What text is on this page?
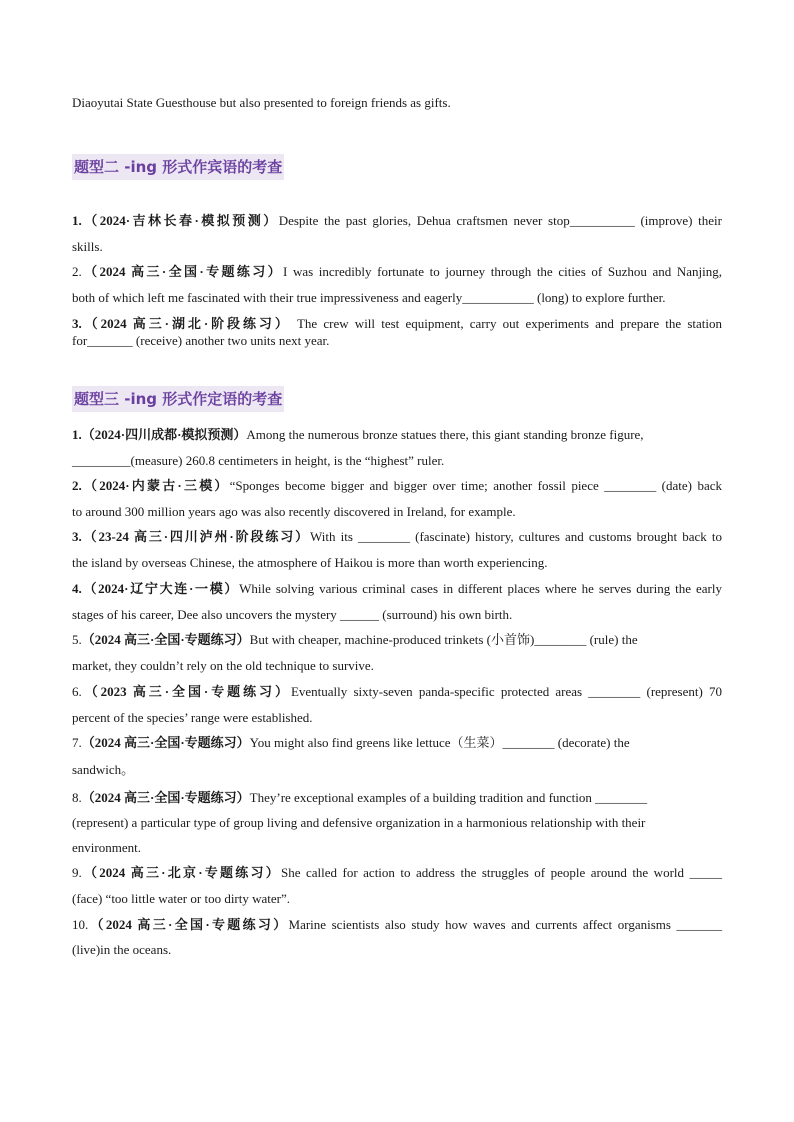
Diaoyutai State Guesthouse but also presented to foreign friends as gifts.
题型二 -ing 形式作宾语的考查
1.（2024·吉林长春·模拟预测）Despite the past glories, Dehua craftsmen never stop__________ (improve) their
skills.
2.（2024 高三·全国·专题练习）I was incredibly fortunate to journey through the cities of Suzhou and Nanjing,
both of which left me fascinated with their true impressiveness and eagerly___________ (long) to explore further.
3.（2024 高三·湖北·阶段练习） The crew will test equipment, carry out experiments and prepare the station
for_______ (receive) another two units next year.
题型三 -ing 形式作定语的考查
1.（2024·四川成都·模拟预测）Among the numerous bronze statues there, this giant standing bronze figure,
_________(measure) 260.8 centimeters in height, is the “highest” ruler.
2.（2024·内蒙古·三模）“Sponges become bigger and bigger over time; another fossil piece ________ (date) back
to around 300 million years ago was also recently discovered in Ireland, for example.
3.（23-24 高三·四川泸州·阶段练习）With its ________ (fascinate) history, cultures and customs brought back to
the island by overseas Chinese, the atmosphere of Haikou is more than worth experiencing.
4.（2024·辽宁大连·一模）While solving various criminal cases in different places where he serves during the early
stages of his career, Dee also uncovers the mystery ______ (surround) his own birth.
5.（2024 高三·全国·专题练习）But with cheaper, machine-produced trinkets (小首饰)________ (rule) the
market, they couldn’t rely on the old technique to survive.
6.（2023 高三·全国·专题练习）Eventually sixty-seven panda-specific protected areas ________ (represent) 70
percent of the species’ range were established.
7.（2024 高三·全国·专题练习）You might also find greens like lettuce（生菜）________ (decorate) the
sandwich。
8.（2024 高三·全国·专题练习）They’re exceptional examples of a building tradition and function ________
(represent) a particular type of group living and defensive organization in a harmonious relationship with their
environment.
9.（2024 高三·北京·专题练习）She called for action to address the struggles of people around the world _____
(face) “too little water or too dirty water”.
10.（2024 高三·全国·专题练习）Marine scientists also study how waves and currents affect organisms _______
(live)in the oceans.
